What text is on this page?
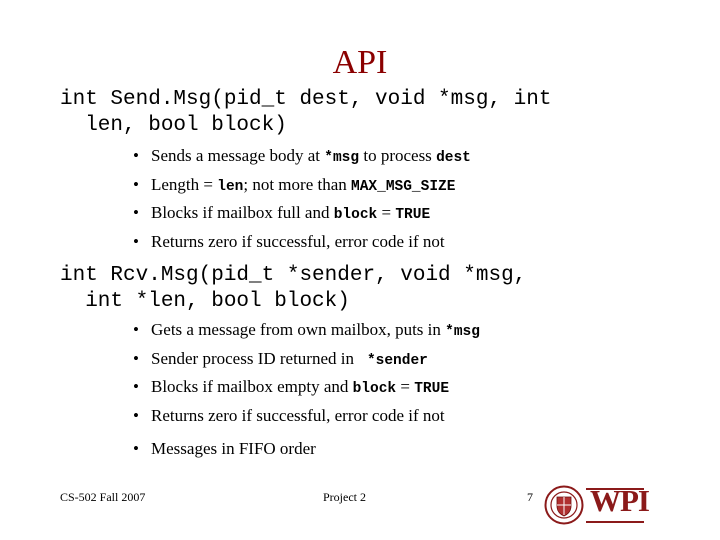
API
int Send.Msg(pid_t dest, void *msg, int
len, bool block)
• Sends a message body at *msg to process dest
• Length = len; not more than MAX_MSG_SIZE
• Blocks if mailbox full and block = TRUE
• Returns zero if successful, error code if not
int Rcv.Msg(pid_t *sender, void *msg,
int *len, bool block)
• Gets a message from own mailbox, puts in *msg
• Sender process ID returned in  *sender
• Blocks if mailbox empty and block = TRUE
• Returns zero if successful, error code if not
• Messages in FIFO order
CS-502 Fall 2007	Project 2	7 WPI
